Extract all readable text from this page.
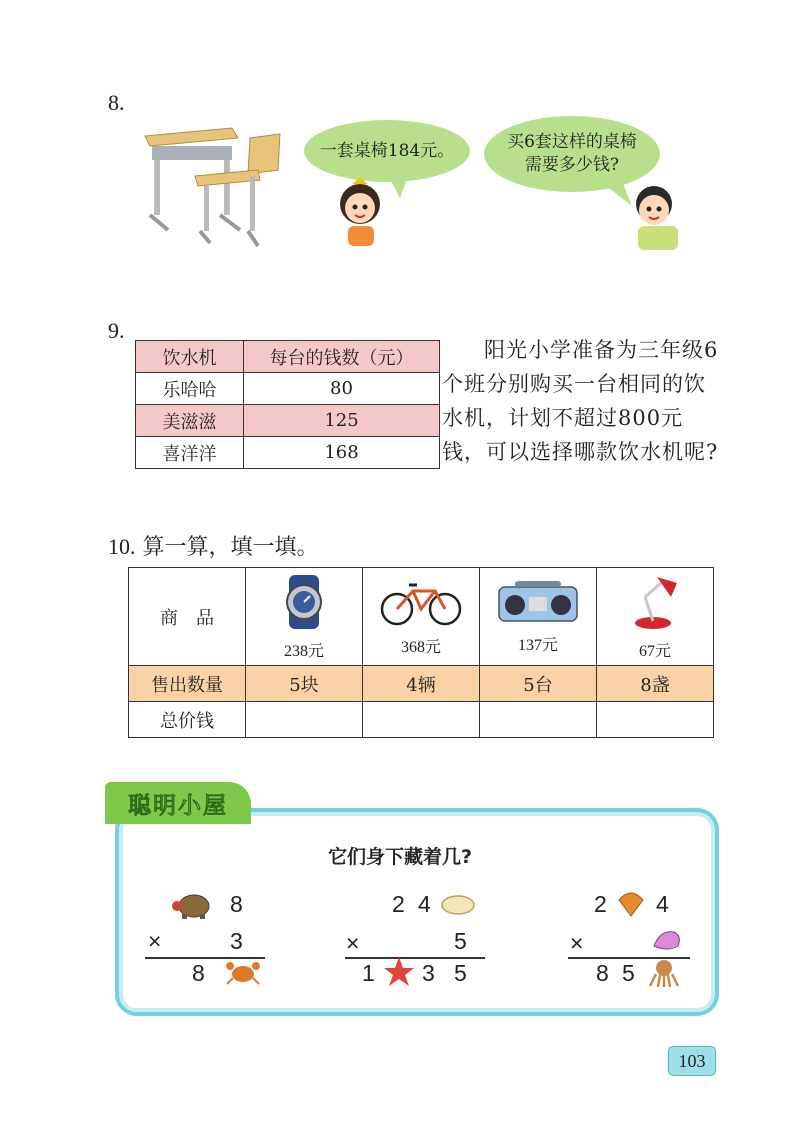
8.
一套桌椅184元。	买6套这样的桌椅
需要多少钱?
9.
饮水机	每台的钱数（元）
乐哈哈	80
美滋滋	125
喜洋洋	168
阳光小学准备为三年级6个班分别购买一台相同的饮水机，计划不超过800元钱，可以选择哪款饮水机呢?
10. 算一算，填一填。
商　品	238元	368元	137元	67元

售出数量	5块	4辆	5台	8盏
总价钱				
聪明小屋
它们身下藏着几?
8
×	3
8
2 4
×	5
1 3 5
2 4
×
8 5
103
